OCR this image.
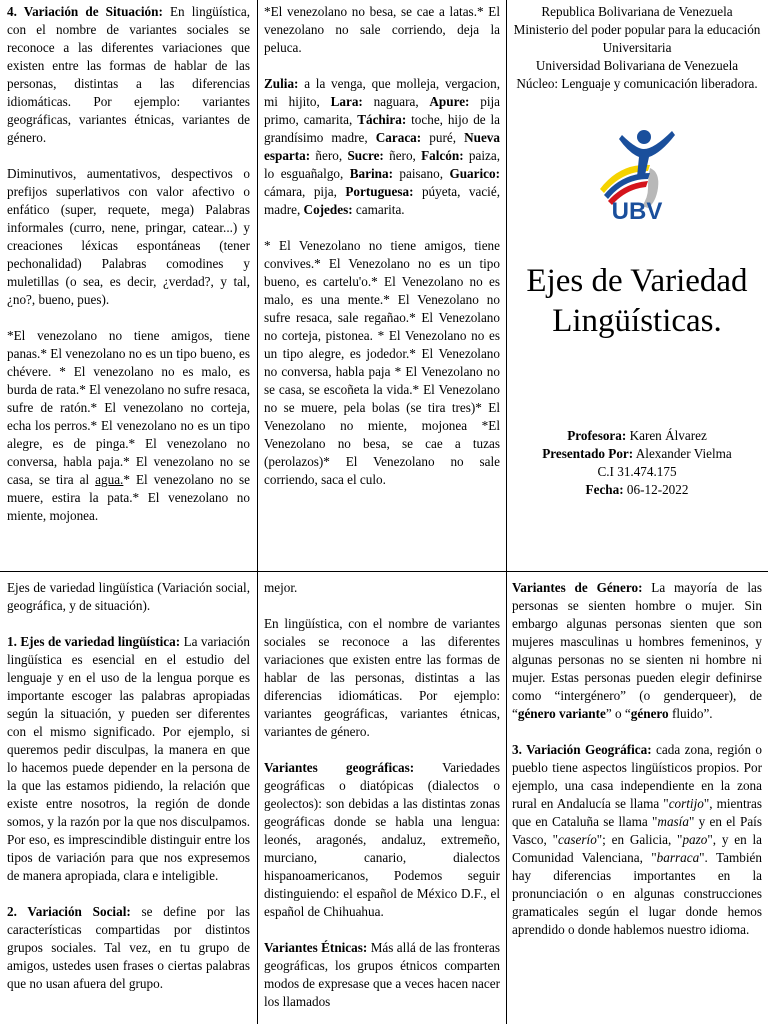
4. Variación de Situación: En lingüística, con el nombre de variantes sociales se reconoce a las diferentes variaciones que existen entre las formas de hablar de las personas, distintas a las diferencias idiomáticas. Por ejemplo: variantes geográficas, variantes étnicas, variantes de género.

Diminutivos, aumentativos, despectivos o prefijos superlativos con valor afectivo o enfático (super, requete, mega) Palabras informales (curro, nene, pringar, catear...) y creaciones léxicas espontáneas (tener pechonalidad) Palabras comodines y muletillas (o sea, es decir, ¿verdad?, y tal, ¿no?, bueno, pues).

*El venezolano no tiene amigos, tiene panas.* El venezolano no es un tipo bueno, es chévere. * El venezolano no es malo, es burda de rata.* El venezolano no sufre resaca, sufre de ratón.* El venezolano no corteja, echa los perros.* El venezolano no es un tipo alegre, es de pinga.* El venezolano no conversa, habla paja.* El venezolano no se casa, se tira al agua.* El venezolano no se muere, estira la pata.* El venezolano no miente, mojonea.

*El venezolano no besa, se cae a latas.* El venezolano no sale corriendo, deja la peluca.

Zulia: a la venga, que molleja, vergacion, mi hijito, Lara: naguara, Apure: pija primo, camarita, Táchira: toche, hijo de la grandísimo madre, Caraca: puré, Nueva esparta: ñero, Sucre: ñero, Falcón: paiza, lo esguañalgo, Barina: paisano, Guarico: cámara, pija, Portuguesa: púyeta, vacié, madre, Cojedes: camarita.

* El Venezolano no tiene amigos, tiene convives.* El Venezolano no es un tipo bueno, es cartelu'o.* El Venezolano no es malo, es una mente.* El Venezolano no sufre resaca, sale regañao.* El Venezolano no corteja, pistonea. * El Venezolano no es un tipo alegre, es jodedor.* El Venezolano no conversa, habla paja * El Venezolano no se casa, se escoñeta la vida.* El Venezolano no se muere, pela bolas (se tira tres)* El Venezolano no miente, mojonea *El Venezolano no besa, se cae a tuzas (perolazos)* El Venezolano no sale corriendo, saca el culo.

Republica Bolivariana de Venezuela

Ministerio del poder popular para la educación Universitaria

Universidad Bolivariana de Venezuela

Núcleo: Lenguaje y comunicación liberadora.

UBV

Ejes de Variedad Lingüísticas.

Profesora: Karen Álvarez

Presentado Por: Alexander Vielma

C.I 31.474.175

Fecha: 06-12-2022

Ejes de variedad lingüística (Variación social, geográfica, y de situación).

1. Ejes de variedad lingüística: La variación lingüística es esencial en el estudio del lenguaje y en el uso de la lengua porque es importante escoger las palabras apropiadas según la situación, y pueden ser diferentes con el mismo significado. Por ejemplo, si queremos pedir disculpas, la manera en que lo hacemos puede depender en la persona de la que las estamos pidiendo, la relación que existe entre nosotros, la región de donde somos, y la razón por la que nos disculpamos. Por eso, es imprescindible distinguir entre los tipos de variación para que nos expresemos de manera apropiada, clara e inteligible.

2. Variación Social: se define por las características compartidas por distintos grupos sociales. Tal vez, en tu grupo de amigos, ustedes usen frases o ciertas palabras que no usan afuera del grupo.

mejor.

En lingüística, con el nombre de variantes sociales se reconoce a las diferentes variaciones que existen entre las formas de hablar de las personas, distintas a las diferencias idiomáticas. Por ejemplo: variantes geográficas, variantes étnicas, variantes de género.

Variantes geográficas: Variedades geográficas o diatópicas (dialectos o geolectos): son debidas a las distintas zonas geográficas donde se habla una lengua: leonés, aragonés, andaluz, extremeño, murciano, canario, dialectos hispanoamericanos, Podemos seguir distinguiendo: el español de México D.F., el español de Chihuahua.

Variantes Étnicas: Más allá de las fronteras geográficas, los grupos étnicos comparten modos de expresase que a veces hacen nacer los llamados

Variantes de Género: La mayoría de las personas se sienten hombre o mujer. Sin embargo algunas personas sienten que son mujeres masculinas u hombres femeninos, y algunas personas no se sienten ni hombre ni mujer. Estas personas pueden elegir definirse como “intergénero” (o genderqueer), de “género variante” o “género fluido”.

3. Variación Geográfica: cada zona, región o pueblo tiene aspectos lingüísticos propios. Por ejemplo, una casa independiente en la zona rural en Andalucía se llama "cortijo", mientras que en Cataluña se llama "masía" y en el País Vasco, "caserío"; en Galicia, "pazo", y en la Comunidad Valenciana, "barraca". También hay diferencias importantes en la pronunciación o en algunas construcciones gramaticales según el lugar donde hemos aprendido o donde hablemos nuestro idioma.
